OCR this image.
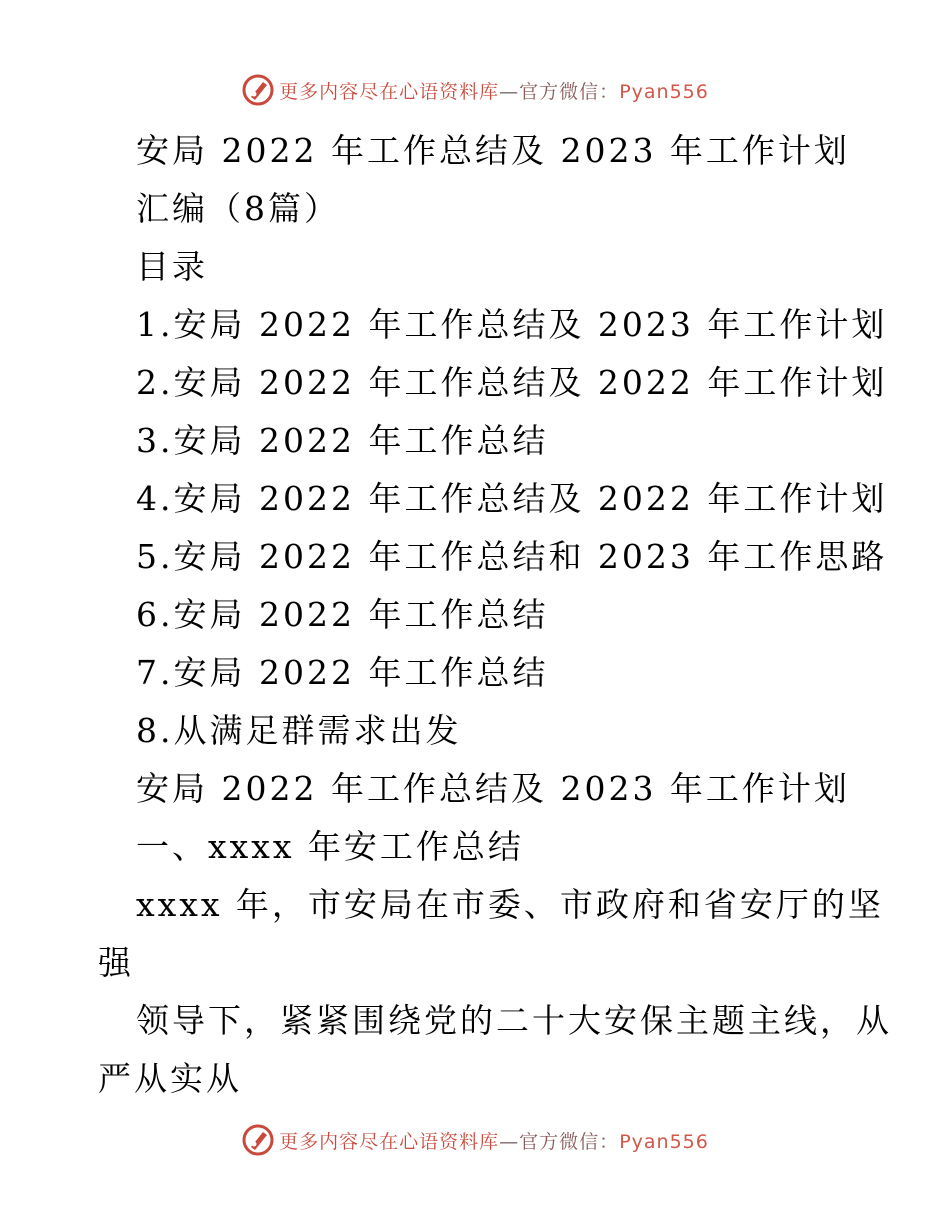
更多内容尽在心语资料库—官方微信：Pyan556
安局 2022 年工作总结及 2023 年工作计划
汇编（8篇）
目录
1.安局 2022 年工作总结及 2023 年工作计划
2.安局 2022 年工作总结及 2022 年工作计划
3.安局 2022 年工作总结
4.安局 2022 年工作总结及 2022 年工作计划
5.安局 2022 年工作总结和 2023 年工作思路
6.安局 2022 年工作总结
7.安局 2022 年工作总结
8.从满足群需求出发
安局 2022 年工作总结及 2023 年工作计划
一、xxxx 年安工作总结
xxxx 年，市安局在市委、市政府和省安厅的坚
强
领导下，紧紧围绕党的二十大安保主题主线，从
严从实从
更多内容尽在心语资料库—官方微信：Pyan556
